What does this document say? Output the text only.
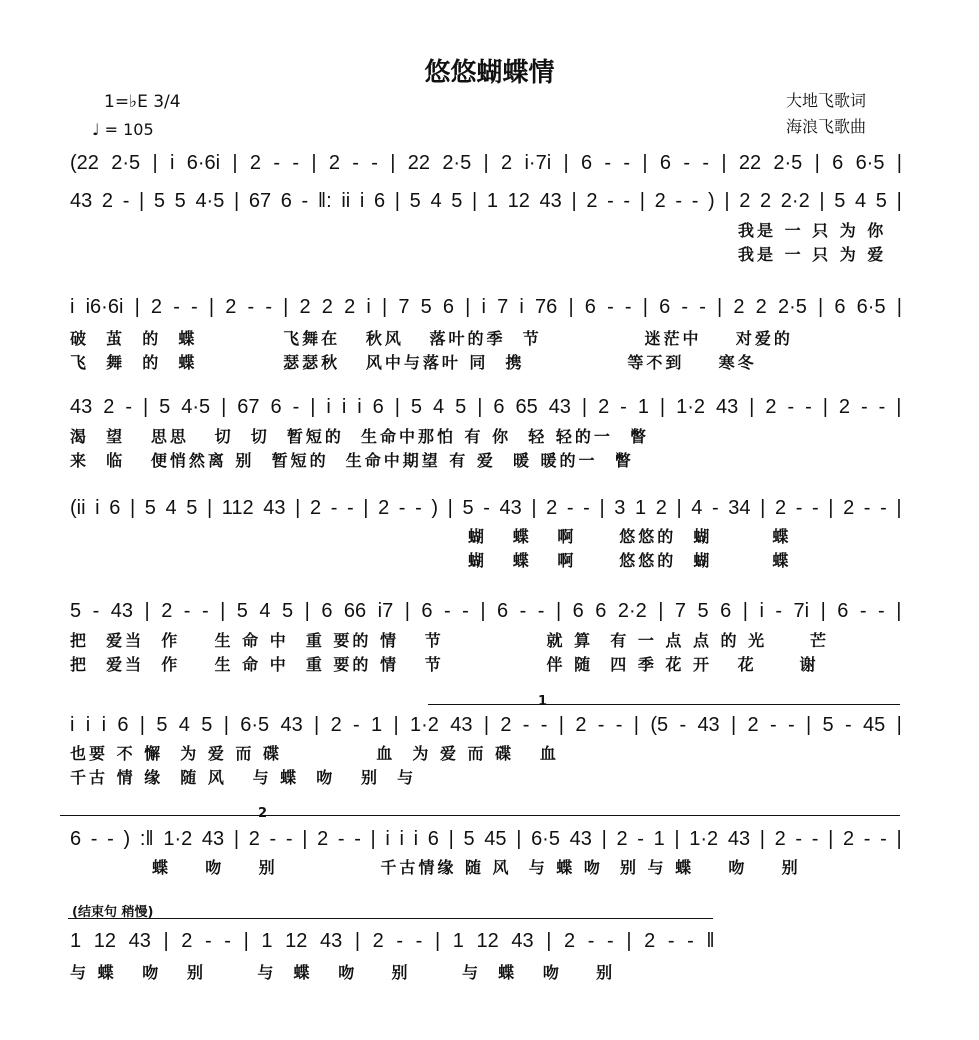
悠悠蝴蝶情
1=♭E 3/4
♩ = 105
大地飞歌词
海浪飞歌曲
(22 2·5 | i 6·6i | 2 - - | 2 - - | 22 2·5 | 2 i·7i | 6 - - | 6 - - | 22 2·5 | 6 6·5 |
43 2 - | 5 5 4·5 | 67 6 - ‖: ii i 6 | 5 4 5 | 1 12 43 | 2 - - | 2 - - ) | 2 2 2·2 | 5 4 5 |
我是 一 只 为 你
我是 一 只 为 爱
i i6·6i | 2 - - | 2 - - | 2 2 2 i | 7 5 6 | i 7 i 76 | 6 - - | 6 - - | 2 2 2·5 | 6 6·5 |
破  茧  的  蝶          飞舞在   秋风   落叶的季  节            迷茫中    对爱的
飞  舞  的  蝶          瑟瑟秋   风中与落叶 同  携            等不到    寒冬
43 2 - | 5 4·5 | 67 6 - | i i i 6 | 5 4 5 | 6 65 43 | 2 - 1 | 1·2 43 | 2 - - | 2 - - |
渴  望   思思   切  切  暂短的  生命中那怕 有 你  轻 轻的一  瞥
来  临   便悄然离 别  暂短的  生命中期望 有 爱  暖 暖的一  瞥
(ii i 6 | 5 4 5 | 112 43 | 2 - - | 2 - - ) | 5 - 43 | 2 - - | 3 1 2 | 4 - 34 | 2 - - | 2 - - |
蝴   蝶   啊     悠悠的  蝴       蝶
蝴   蝶   啊     悠悠的  蝴       蝶
5 - 43 | 2 - - | 5 4 5 | 6 66 i7 | 6 - - | 6 - - | 6 6 2·2 | 7 5 6 | i - 7i | 6 - - |
把  爱当  作    生 命 中  重 要的 情   节            就 算  有 一 点 点 的 光     芒
把  爱当  作    生 命 中  重 要的 情   节            伴 随  四 季 花 开   花     谢
i i i 6 | 5 4 5 | 6·5 43 | 2 - 1 | 1·2 43 | 2 - - | 2 - - | (5 - 43 | 2 - - | 5 - 45 |
也要 不 懈  为 爱 而 碟           血  为 爱 而 碟   血
千古 情 缘  随 风   与 蝶  吻   别  与
6 - - ) :‖ 1·2 43 | 2 - - | 2 - - | i i i 6 | 5 45 | 6·5 43 | 2 - 1 | 1·2 43 | 2 - - | 2 - - |
蝶    吻    别            千古情缘 随 风  与 蝶 吻  别 与 蝶    吻    别
1
2
(结束句 稍慢)
1 12 43 | 2 - - | 1 12 43 | 2 - - | 1 12 43 | 2 - - | 2 - - ‖
与 蝶   吻   别      与  蝶   吻    别      与  蝶   吻    别
